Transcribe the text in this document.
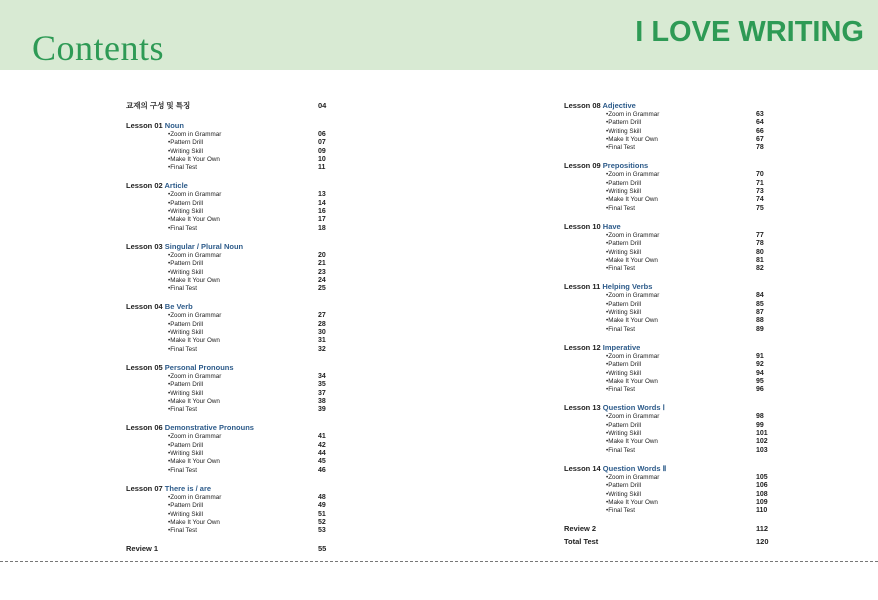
Contents	I LOVE WRITING
교재의 구성 및 특징	04
Lesson 01 Noun
•Zoom in Grammar	06
•Pattern Drill	07
•Writing Skill	09
•Make It Your Own	10
•Final Test	11
Lesson 02 Article
•Zoom in Grammar	13
•Pattern Drill	14
•Writing Skill	16
•Make It Your Own	17
•Final Test	18
Lesson 03 Singular / Plural Noun
•Zoom in Grammar	20
•Pattern Drill	21
•Writing Skill	23
•Make It Your Own	24
•Final Test	25
Lesson 04 Be Verb
•Zoom in Grammar	27
•Pattern Drill	28
•Writing Skill	30
•Make It Your Own	31
•Final Test	32
Lesson 05 Personal Pronouns
•Zoom in Grammar	34
•Pattern Drill	35
•Writing Skill	37
•Make It Your Own	38
•Final Test	39
Lesson 06 Demonstrative Pronouns
•Zoom in Grammar	41
•Pattern Drill	42
•Writing Skill	44
•Make It Your Own	45
•Final Test	46
Lesson 07 There is / are
•Zoom in Grammar	48
•Pattern Drill	49
•Writing Skill	51
•Make It Your Own	52
•Final Test	53
Review 1	55
Lesson 08 Adjective
•Zoom in Grammar	63
•Pattern Drill	64
•Writing Skill	66
•Make It Your Own	67
•Final Test	78
Lesson 09 Prepositions
•Zoom in Grammar	70
•Pattern Drill	71
•Writing Skill	73
•Make It Your Own	74
•Final Test	75
Lesson 10 Have
•Zoom in Grammar	77
•Pattern Drill	78
•Writing Skill	80
•Make It Your Own	81
•Final Test	82
Lesson 11 Helping Verbs
•Zoom in Grammar	84
•Pattern Drill	85
•Writing Skill	87
•Make It Your Own	88
•Final Test	89
Lesson 12 Imperative
•Zoom in Grammar	91
•Pattern Drill	92
•Writing Skill	94
•Make It Your Own	95
•Final Test	96
Lesson 13 Question Words Ⅰ
•Zoom in Grammar	98
•Pattern Drill	99
•Writing Skill	101
•Make It Your Own	102
•Final Test	103
Lesson 14 Question Words Ⅱ
•Zoom in Grammar	105
•Pattern Drill	106
•Writing Skill	108
•Make It Your Own	109
•Final Test	110
Review 2	112
Total Test	120
